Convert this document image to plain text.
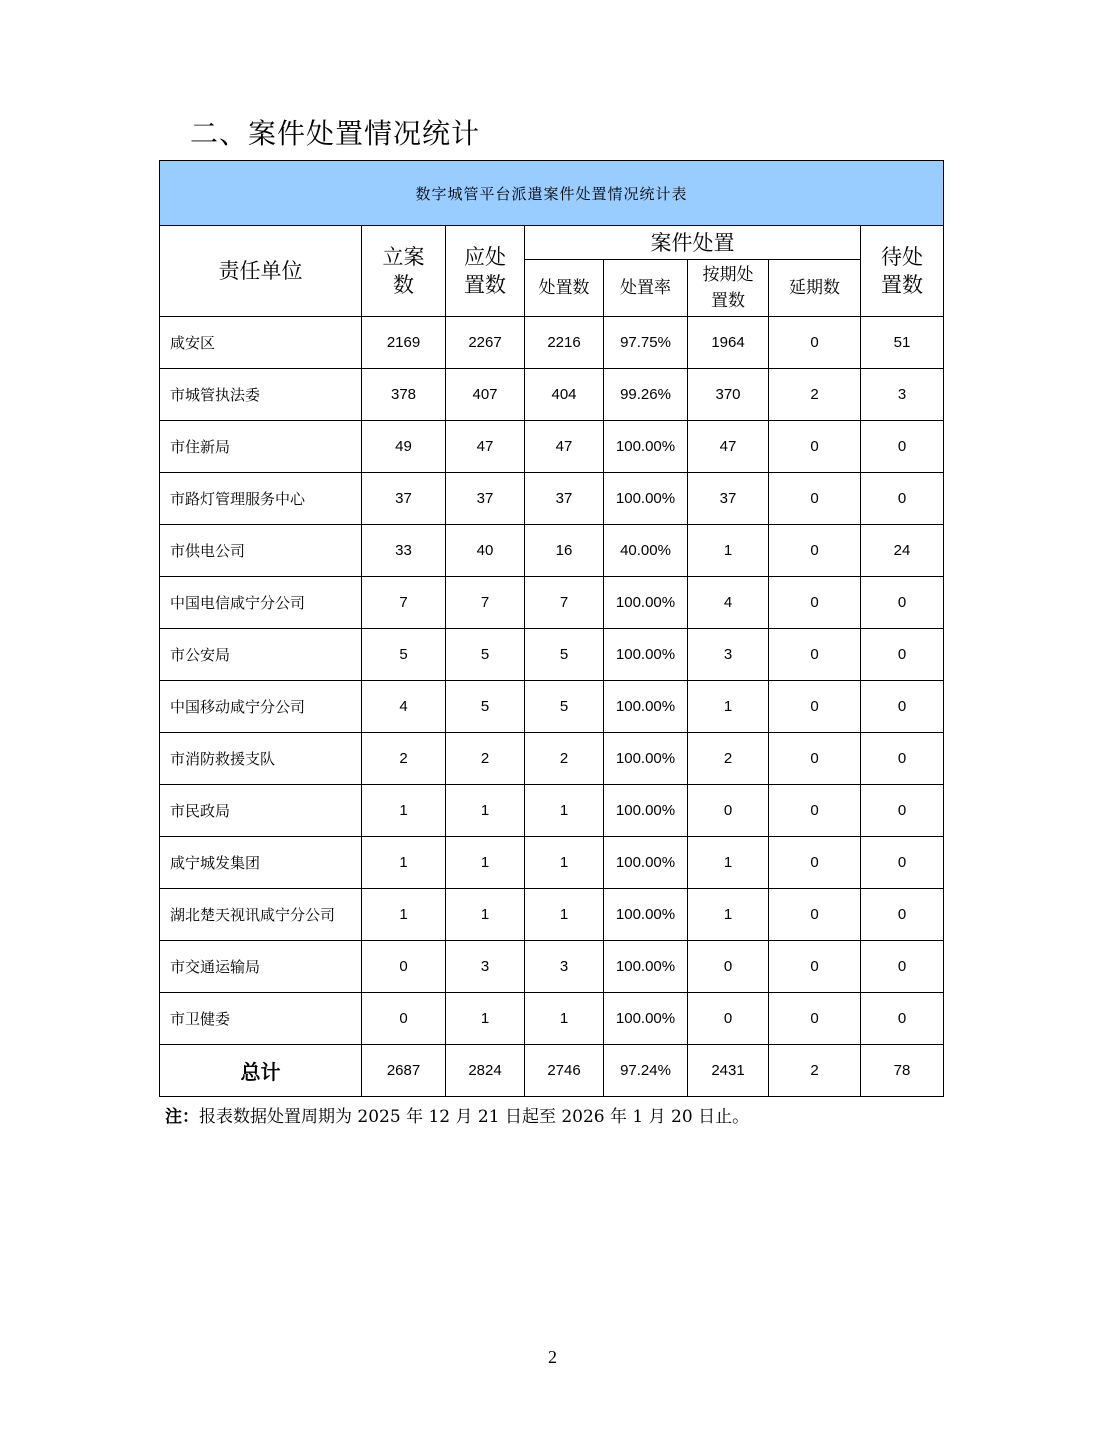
二、案件处置情况统计
数字城管平台派遣案件处置情况统计表							
责任单位	立案数	应处置数	案件处置				待处置数
			处置数	处置率	按期处置数	延期数	
咸安区	2169	2267	2216	97.75%	1964	0	51
市城管执法委	378	407	404	99.26%	370	2	3
市住新局	49	47	47	100.00%	47	0	0
市路灯管理服务中心	37	37	37	100.00%	37	0	0
市供电公司	33	40	16	40.00%	1	0	24
中国电信咸宁分公司	7	7	7	100.00%	4	0	0
市公安局	5	5	5	100.00%	3	0	0
中国移动咸宁分公司	4	5	5	100.00%	1	0	0
市消防救援支队	2	2	2	100.00%	2	0	0
市民政局	1	1	1	100.00%	0	0	0
咸宁城发集团	1	1	1	100.00%	1	0	0
湖北楚天视讯咸宁分公司	1	1	1	100.00%	1	0	0
市交通运输局	0	3	3	100.00%	0	0	0
市卫健委	0	1	1	100.00%	0	0	0
总计	2687	2824	2746	97.24%	2431	2	78
注：报表数据处置周期为 2025 年 12 月 21 日起至 2026 年 1 月 20 日止。
2
